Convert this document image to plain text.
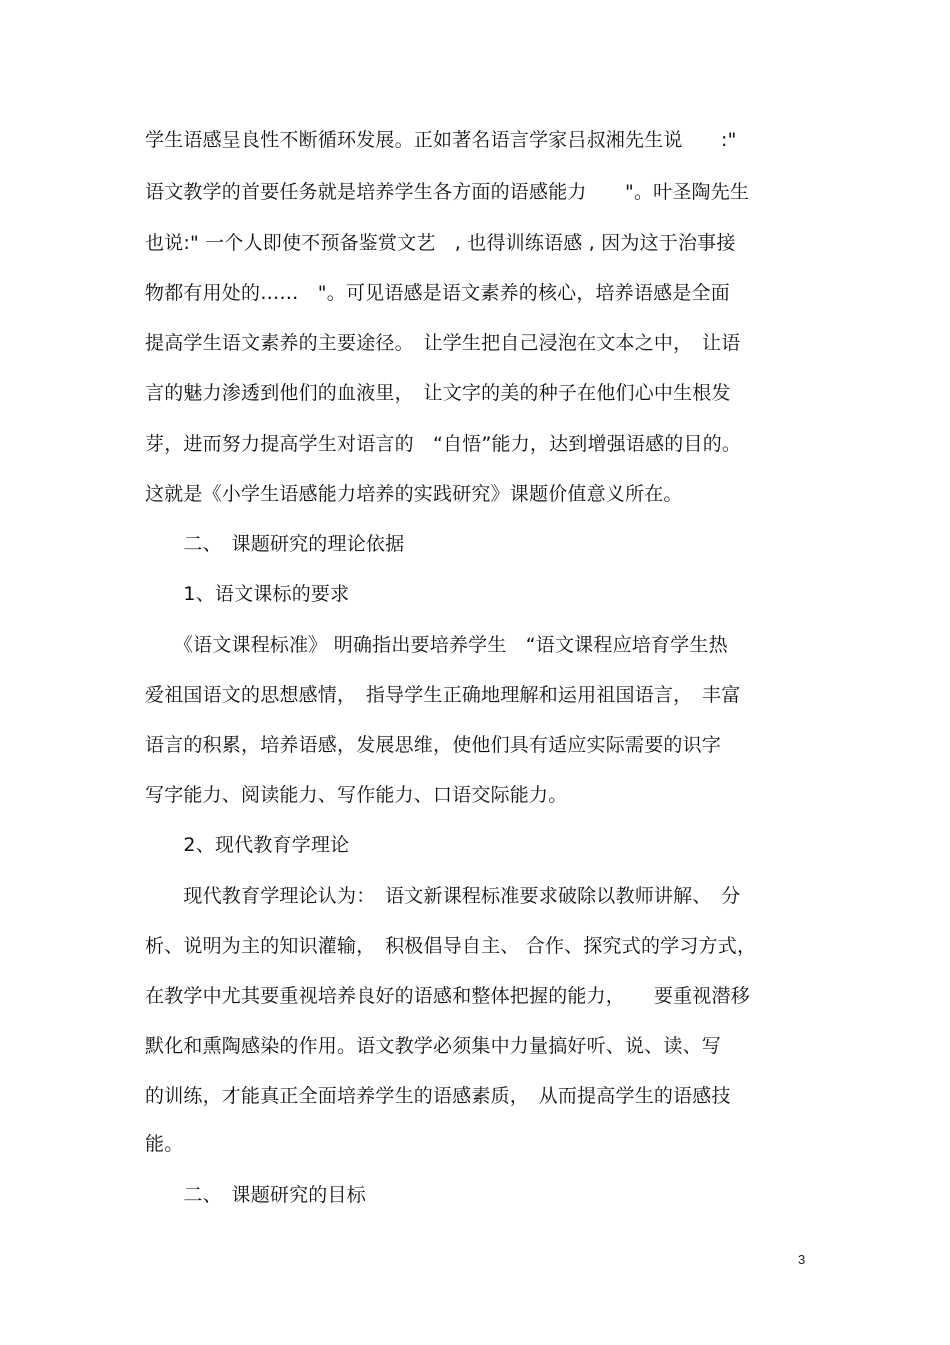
学生语感呈良性不断循环发展。正如著名语言学家吕叔湘先生说　　:"
语文教学的首要任务就是培养学生各方面的语感能力　　"。叶圣陶先生
也说:" 一个人即使不预备鉴赏文艺　, 也得训练语感 , 因为这于治事接
物都有用处的……　"。可见语感是语文素养的核心，培养语感是全面
提高学生语文素养的主要途径。　让学生把自己浸泡在文本之中，　让语
言的魅力渗透到他们的血液里，　让文字的美的种子在他们心中生根发
芽，进而努力提高学生对语言的　“自悟”能力，达到增强语感的目的。
这就是《小学生语感能力培养的实践研究》课题价值意义所在。
　　二、　课题研究的理论依据
　　1、语文课标的要求
　　《语文课程标准》 明确指出要培养学生　“语文课程应培育学生热
爱祖国语文的思想感情，　指导学生正确地理解和运用祖国语言，　丰富
语言的积累，培养语感，发展思维，使他们具有适应实际需要的识字
写字能力、阅读能力、写作能力、口语交际能力。
　　2、现代教育学理论
　　现代教育学理论认为：　语文新课程标准要求破除以教师讲解、　分
析、说明为主的知识灌输，　积极倡导自主、 合作、探究式的学习方式，
在教学中尤其要重视培养良好的语感和整体把握的能力，　　要重视潜移
默化和熏陶感染的作用。语文教学必须集中力量搞好听、说、读、写
的训练，才能真正全面培养学生的语感素质，　从而提高学生的语感技
能。
　　二、　课题研究的目标
3
